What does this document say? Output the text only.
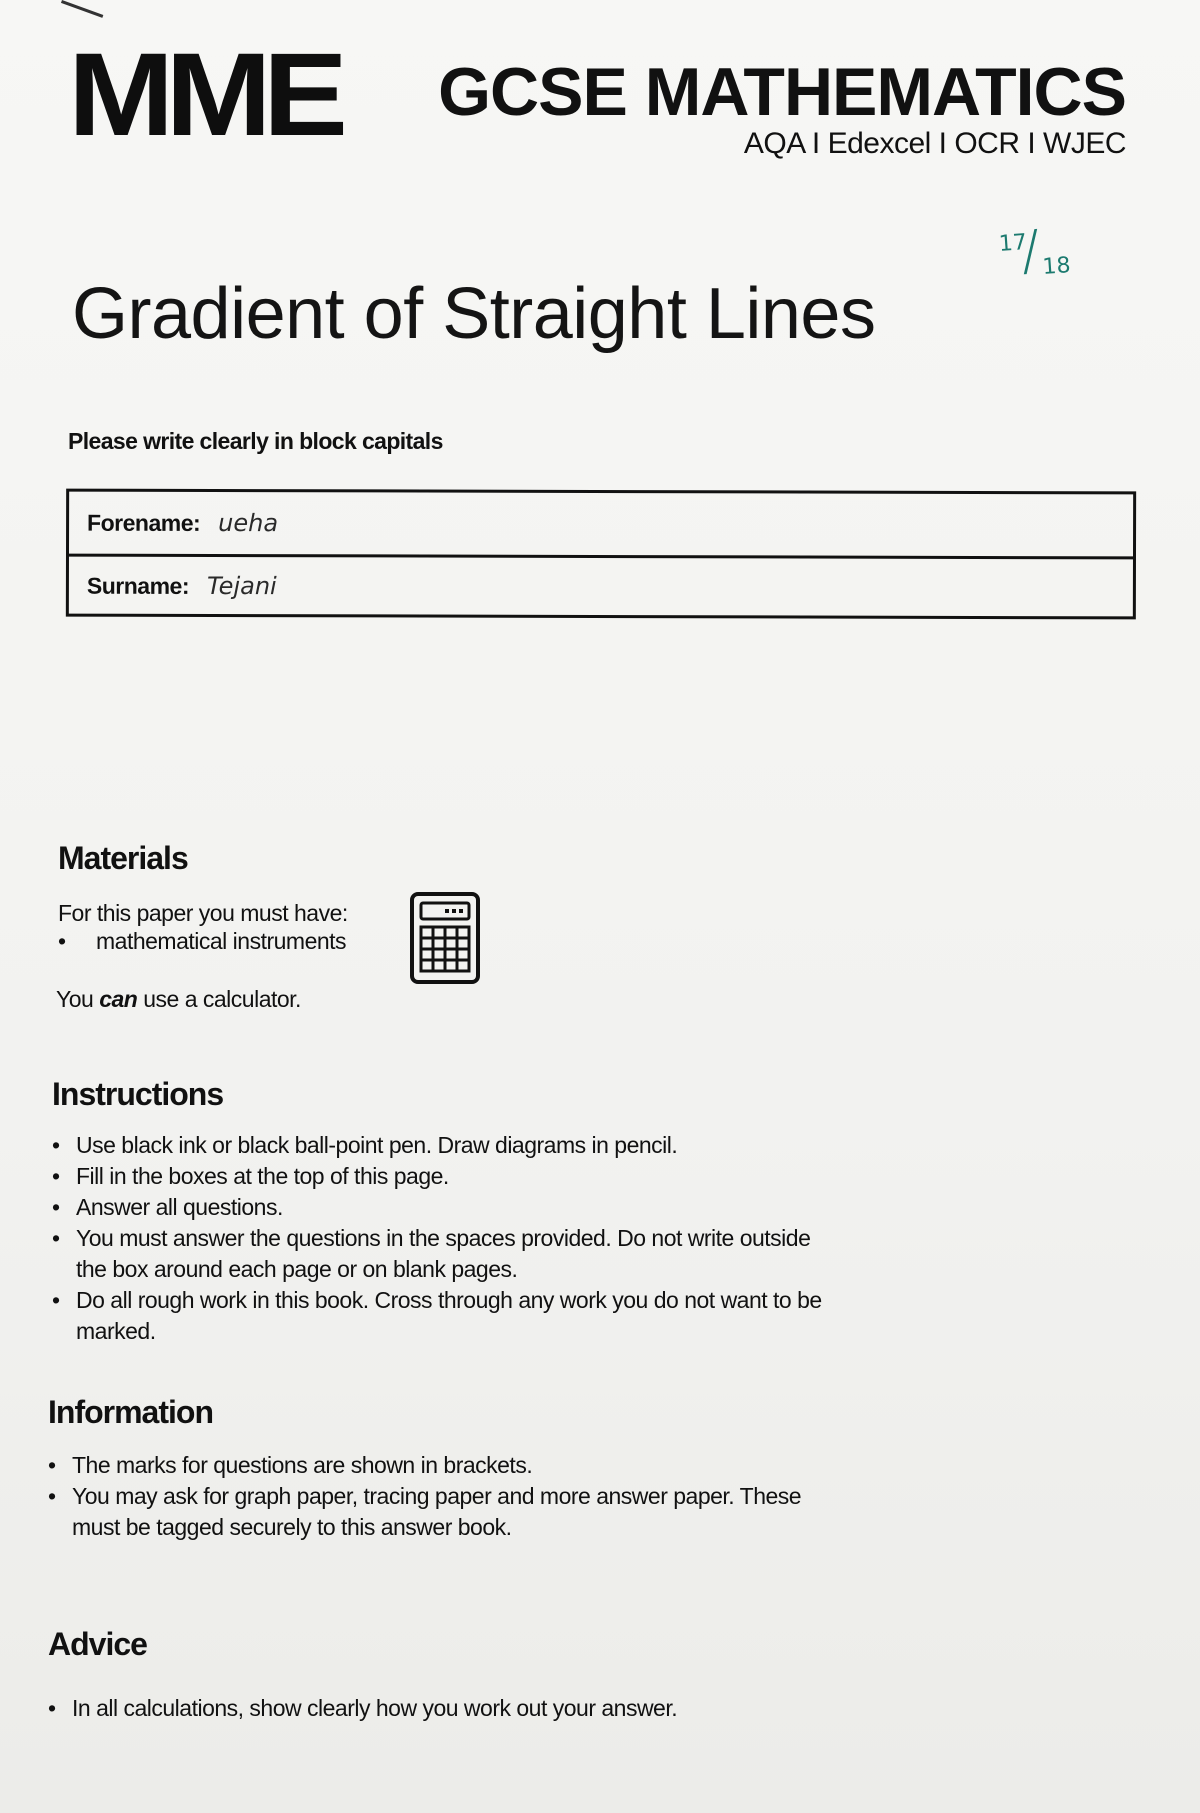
MME GCSE MATHEMATICS
AQA I Edexcel I OCR I WJEC
17
/ 18
Gradient of Straight Lines
Please write clearly in block capitals
Forename: ueha
Surname: Tejani
Materials
For this paper you must have:
• mathematical instruments
You can use a calculator.
Instructions
• Use black ink or black ball-point pen. Draw diagrams in pencil.
• Fill in the boxes at the top of this page.
• Answer all questions.
• You must answer the questions in the spaces provided. Do not write outside the box around each page or on blank pages.
• Do all rough work in this book. Cross through any work you do not want to be marked.
Information
• The marks for questions are shown in brackets.
• You may ask for graph paper, tracing paper and more answer paper. These must be tagged securely to this answer book.
Advice
• In all calculations, show clearly how you work out your answer.
